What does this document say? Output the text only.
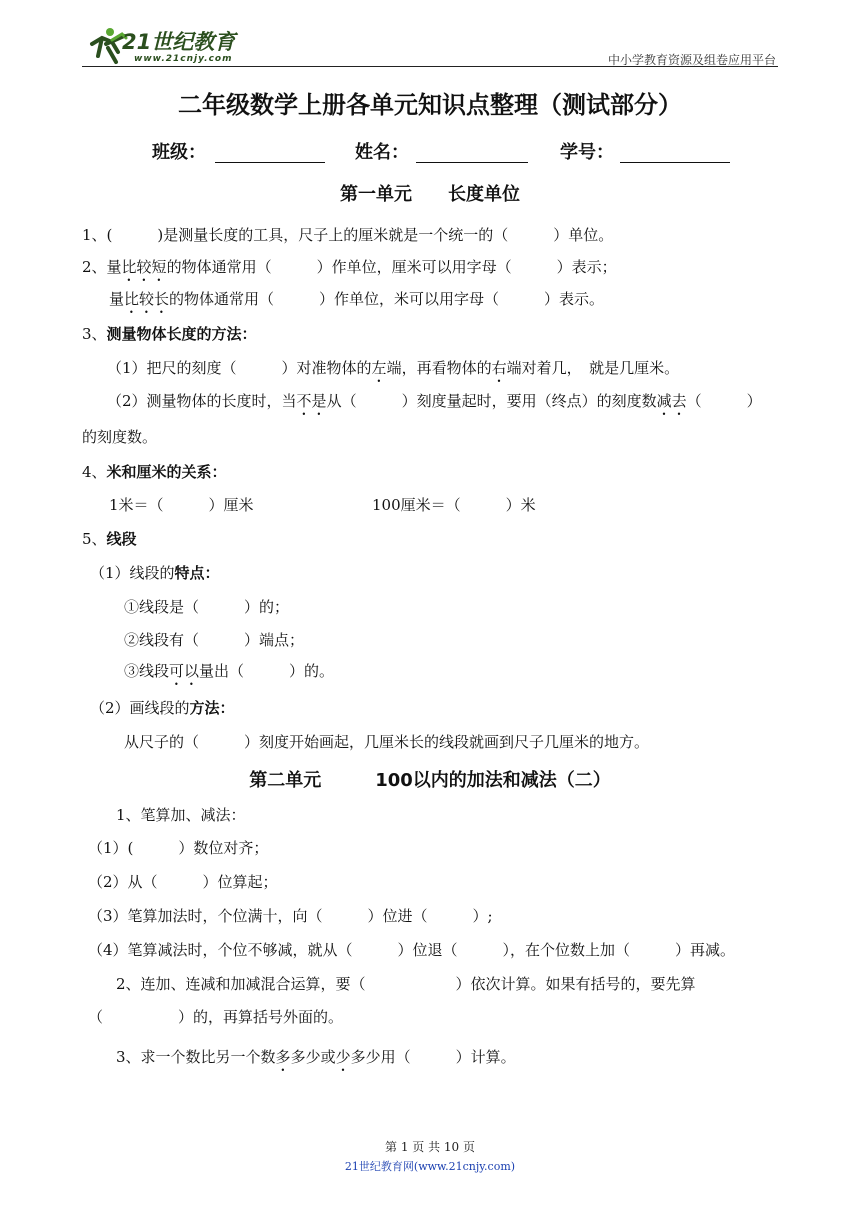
21世纪教育
www.21cnjy.com	中小学教育资源及组卷应用平台
二年级数学上册各单元知识点整理（测试部分）
班级：	姓名：	学号：
第一单元　　长度单位
1、(　　　)是测量长度的工具，尺子上的厘米就是一个统一的（　　　）单位。
2、量比较短的物体通常用（　　　）作单位，厘米可以用字母（　　　）表示；
量比较长的物体通常用（　　　）作单位，米可以用字母（　　　）表示。
3、测量物体长度的方法：
（1）把尺的刻度（　　　）对准物体的左端，再看物体的右端对着几，　就是几厘米。
（2）测量物体的长度时，当不是从（　　　）刻度量起时，要用（终点）的刻度数减去（　　　）
的刻度数。
4、米和厘米的关系：
1米＝（　　　）厘米	100厘米＝（　　　）米
5、线段
（1）线段的特点：
①线段是（　　　）的；
②线段有（　　　）端点；
③线段可以量出（　　　）的。
（2）画线段的方法：
从尺子的（　　　）刻度开始画起，几厘米长的线段就画到尺子几厘米的地方。
第二单元　　　100以内的加法和减法（二）
1、笔算加、减法：
（1）(　　　）数位对齐；
（2）从（　　　）位算起；
（3）笔算加法时，个位满十，向（　　　）位进（　　　）;
（4）笔算减法时，个位不够减，就从（　　　）位退（　　　），在个位数上加（　　　）再减。
2、连加、连减和加减混合运算，要（　　　　　　）依次计算。如果有括号的，要先算
（　　　　　）的，再算括号外面的。
3、求一个数比另一个数多多少或少多少用（　　　）计算。
第 1 页 共 10 页
21世纪教育网(www.21cnjy.com)
